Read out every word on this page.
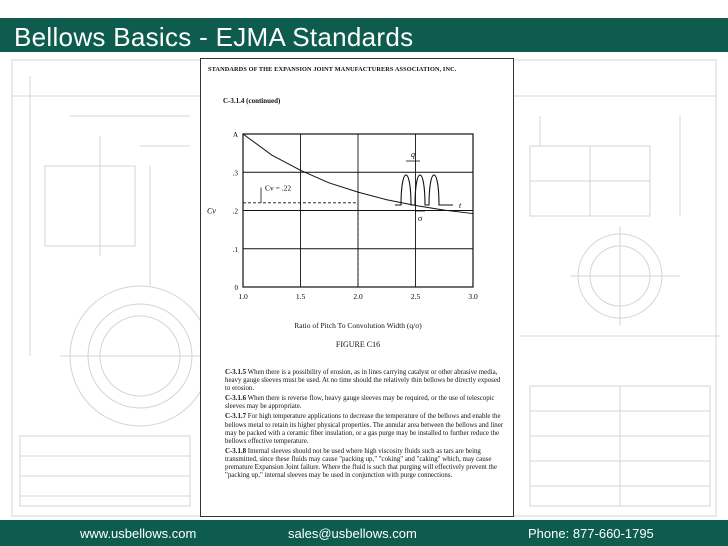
Bellows Basics - EJMA Standards
STANDARDS OF THE EXPANSION JOINT MANUFACTURERS ASSOCIATION, INC.
C-3.1.4 (continued)
1.0	1.5	2.0	2.5	3.0
0
.1
.2
.3
A
Cv
Cv = .22
q
σ
t
Ratio of Pitch To Convolution Width (q/σ)
FIGURE C16

C-3.1.5 When there is a possibility of erosion, as in lines carrying catalyst or other abrasive media, heavy gauge sleeves must be used. At no time should the relatively thin bellows be directly exposed to erosion.

C-3.1.6 When there is reverse flow, heavy gauge sleeves may be required, or the use of telescopic sleeves may be appropriate.

C-3.1.7 For high temperature applications to decrease the temperature of the bellows and enable the bellows metal to retain its higher physical properties. The annular area between the bellows and liner may be packed with a ceramic fiber insulation, or a gas purge may be installed to further reduce the bellows effective temperature.

C-3.1.8 Internal sleeves should not be used where high viscosity fluids such as tars are being transmitted, since these fluids may cause "packing up," "coking" and "caking" which, may cause premature Expansion Joint failure. Where the fluid is such that purging will effectively prevent the "packing up," internal sleeves may be used in conjunction with purge connections.

www.usbellows.com	sales@usbellows.com	Phone: 877-660-1795
